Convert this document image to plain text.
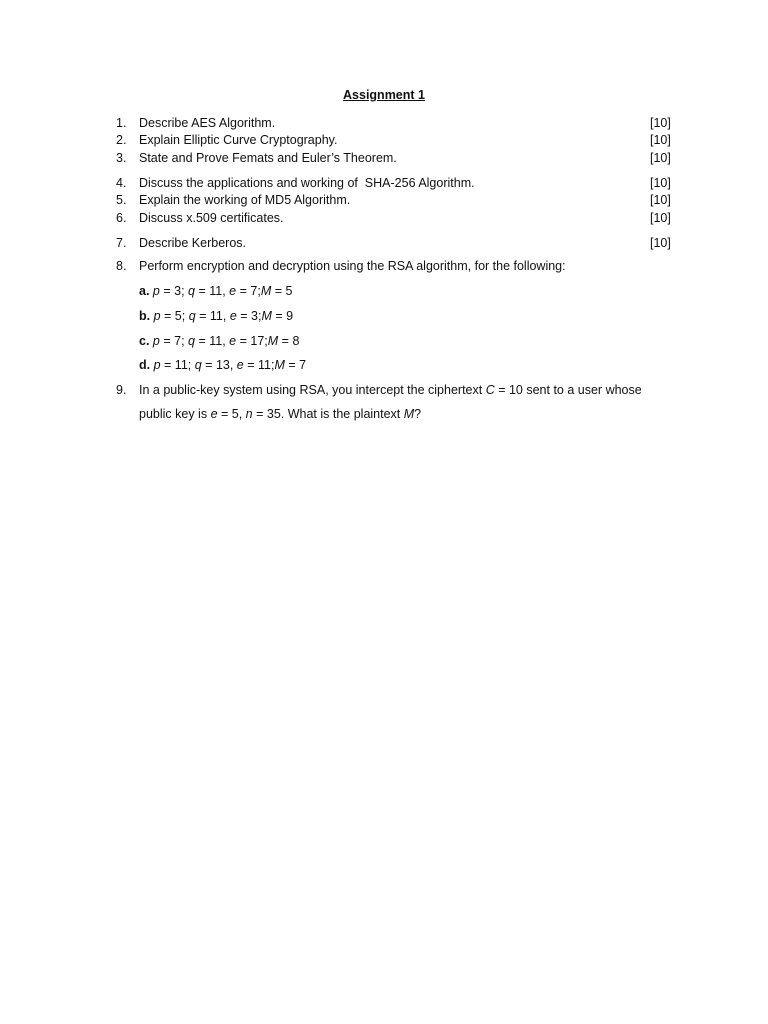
Assignment 1
1. Describe AES Algorithm.	[10]
2. Explain Elliptic Curve Cryptography.	[10]
3. State and Prove Femats and Euler’s Theorem.	[10]
4. Discuss the applications and working of  SHA-256 Algorithm.	[10]
5. Explain the working of MD5 Algorithm.	[10]
6. Discuss x.509 certificates.	[10]
7. Describe Kerberos.	[10]
8. Perform encryption and decryption using the RSA algorithm, for the following:
a. p = 3; q = 11, e = 7;M = 5
b. p = 5; q = 11, e = 3;M = 9
c. p = 7; q = 11, e = 17;M = 8
d. p = 11; q = 13, e = 11;M = 7
9. In a public-key system using RSA, you intercept the ciphertext C = 10 sent to a user whose
public key is e = 5, n = 35. What is the plaintext M?
